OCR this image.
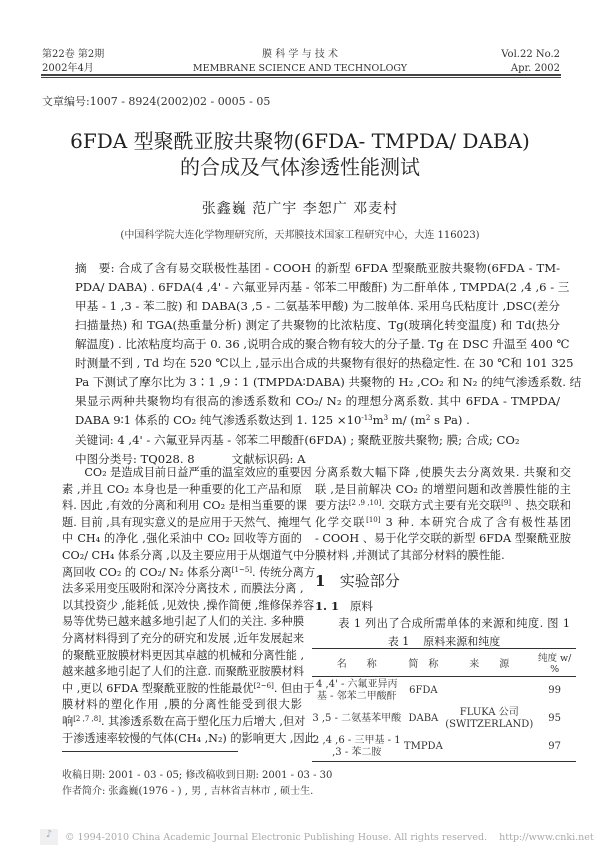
第22卷 第2期
2002年4月
膜 科 学 与 技 术
MEMBRANE SCIENCE AND TECHNOLOGY
Vol.22 No.2
Apr. 2002
文章编号:1007 - 8924(2002)02 - 0005 - 05
6FDA 型聚酰亚胺共聚物(6FDA- TMPDA/ DABA)
的合成及气体渗透性能测试
张鑫巍 范广宇 李恕广 邓麦村
(中国科学院大连化学物理研究所，天邦膜技术国家工程研究中心，大连 116023)
摘　要: 合成了含有易交联极性基团 - COOH 的新型 6FDA 型聚酰亚胺共聚物(6FDA - TM-
PDA/ DABA) . 6FDA(4 ,4' - 六氟亚异丙基 - 邻苯二甲酸酐) 为二酐单体 , TMPDA(2 ,4 ,6 - 三
甲基 - 1 ,3 - 苯二胺) 和 DABA(3 ,5 - 二氨基苯甲酸) 为二胺单体. 采用乌氏粘度计 ,DSC(差分
扫描量热) 和 TGA(热重量分析) 测定了共聚物的比浓粘度、Tg(玻璃化转变温度) 和 Td(热分
解温度) . 比浓粘度均高于 0. 36 ,说明合成的聚合物有较大的分子量. Tg 在 DSC 升温至 400 ℃
时测量不到 , Td 均在 520 ℃以上 ,显示出合成的共聚物有很好的热稳定性. 在 30 ℃和 101 325
Pa 下测试了摩尔比为 3∶1 ,9∶1 (TMPDA∶DABA) 共聚物的 H₂ ,CO₂ 和 N₂ 的纯气渗透系数. 结
果显示两种共聚物均有很高的渗透系数和 CO₂/ N₂ 的理想分离系数. 其中 6FDA - TMPDA/
DABA 9∶1 体系的 CO₂ 纯气渗透系数达到 1. $125 \times 10^{-13}m^3$ m/ ($m^2$ s Pa) .
关键词: 4 ,4' - 六氟亚异丙基 - 邻苯二甲酸酐(6FDA) ; 聚酰亚胺共聚物; 膜; 合成; CO₂
中图分类号: TQ028. 8          文献标识码: A
　　CO₂ 是造成目前日益严重的温室效应的重要因
素 ,并且 CO₂ 本身也是一种重要的化工产品和原
料. 因此 ,有效的分离和利用 CO₂ 是相当重要的课
题. 目前 ,具有现实意义的是应用于天然气、掩埋气
中 CH₄ 的净化 ,强化采油中 CO₂ 回收等方面的
CO₂/ CH₄ 体系分离 ,以及主要应用于从烟道气中分
离回收 CO₂ 的 CO₂/ N₂ 体系分离[1~5]. 传统分离方
法多采用变压吸附和深冷分离技术 , 而膜法分离 ,
以其投资少 ,能耗低 ,见效快 ,操作简便 ,维修保养容
易等优势已越来越多地引起了人们的关注. 多种膜
分离材料得到了充分的研究和发展 ,近年发展起来
的聚酰亚胺膜材料更因其卓越的机械和分离性能 ,
越来越多地引起了人们的注意. 而聚酰亚胺膜材料
中 ,更以 6FDA 型聚酰亚胺的性能最优[2~6]. 但由于
膜材料的塑化作用 ,膜的分离性能受到很大影
响[2 ,7 ,8]. 其渗透系数在高于塑化压力后增大 ,但对
于渗透速率较慢的气体(CH₄ ,N₂) 的影响更大 ,因此
分离系数大幅下降 ,使膜失去分离效果. 共聚和交
联 ,是目前解决 CO₂ 的增塑问题和改善膜性能的主
要方法[2 ,9 ,10]. 交联方式主要有光交联[9] 、热交联和
化学交联[10] 3 种. 本研究合成了含有极性基团
- COOH 、易于化学交联的新型 6FDA 型聚酰亚胺
膜材料 ,并测试了其部分材料的膜性能.
1 实验部分
1. 1 原料
　　表 1 列出了合成所需单体的来源和纯度. 图 1
表 1    原料来源和纯度
名　　称	简　称	来　　源	纯度 w/ %
4 ,4' - 六氟亚异丙基 - 邻苯二甲酸酐	6FDA		99
3 ,5 - 二氨基苯甲酸	DABA	FLUKA 公司 (SWITZERLAND)	95
2 ,4 ,6 - 三甲基 - 1 ,3 - 苯二胺	TMPDA		97
收稿日期: 2001 - 03 - 05; 修改稿收到日期: 2001 - 03 - 30
作者简介: 张鑫巍(1976 - ) , 男 , 吉林省吉林市 , 硕士生.
♪	© 1994-2010 China Academic Journal Electronic Publishing House. All rights reserved.    http://www.cnki.net
